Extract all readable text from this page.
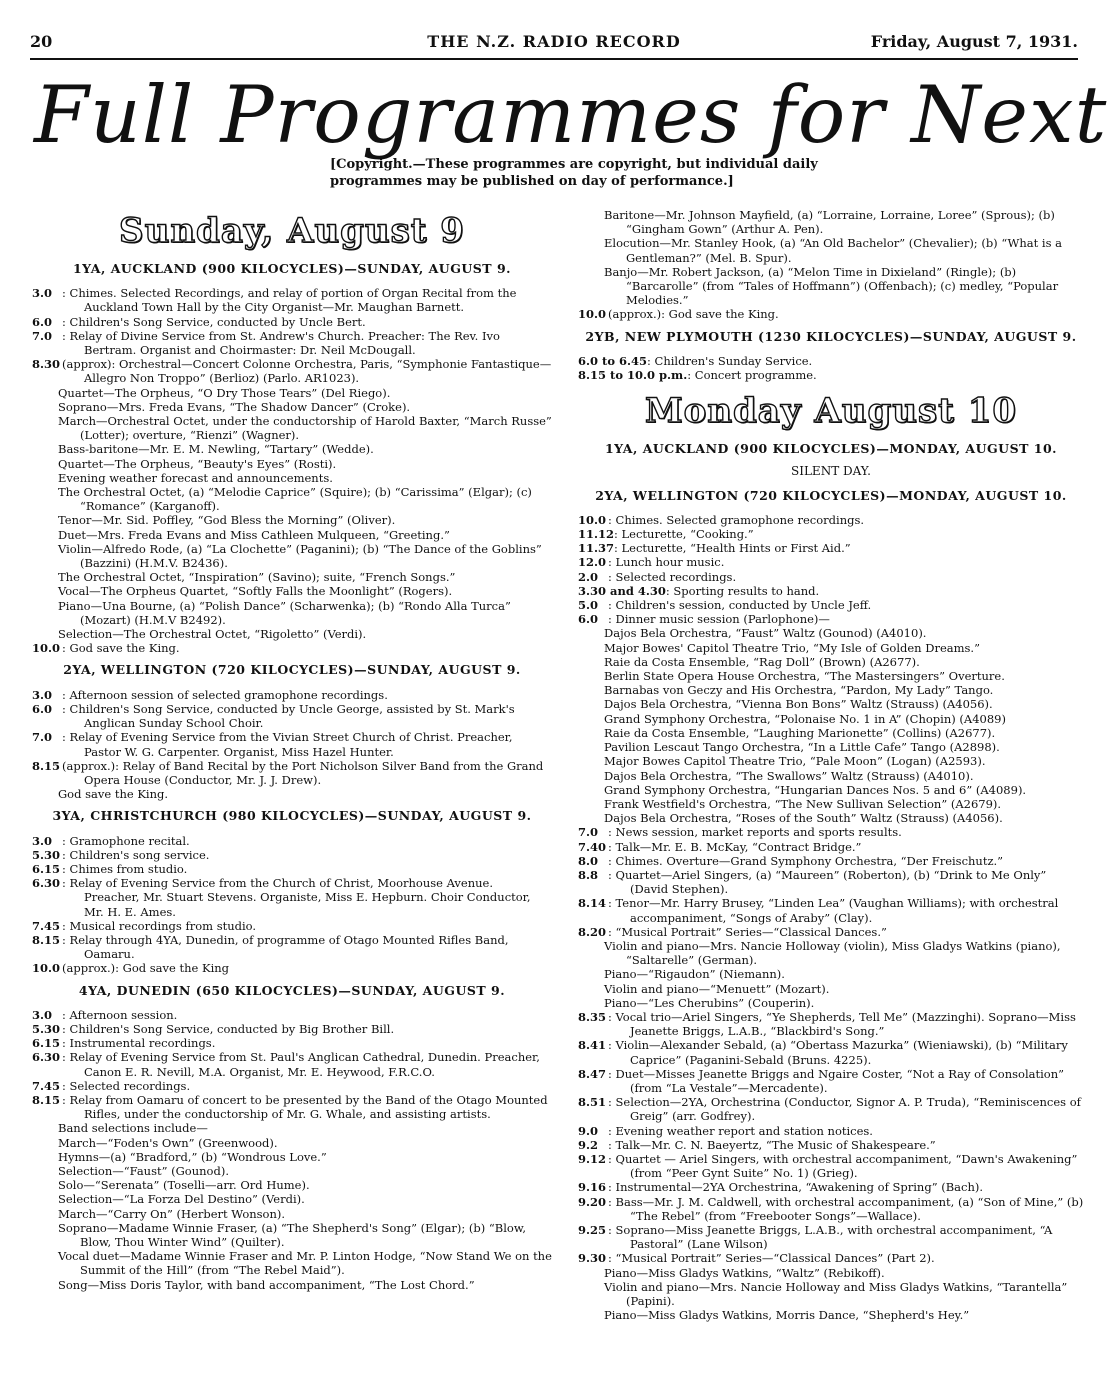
20	THE N.Z. RADIO RECORD	Friday, August 7, 1931.
Full Programmes for Next
[Copyright.—These programmes are copyright, but individual daily programmes may be published on day of performance.]
Sunday, August 9
1YA, AUCKLAND (900 KILOCYCLES)—SUNDAY, AUGUST 9.
3.0 : Chimes. Selected Recordings, and relay of portion of Organ Recital from the Auckland Town Hall by the City Organist—Mr. Maughan Barnett.
6.0 : Children's Song Service, conducted by Uncle Bert.
7.0 : Relay of Divine Service from St. Andrew's Church. Preacher: The Rev. Ivo Bertram. Organist and Choirmaster: Dr. Neil McDougall.
8.30 (approx): Orchestral—Concert Colonne Orchestra, Paris, “Symphonie Fantastique—Allegro Non Troppo” (Berlioz) (Parlo. AR1023).
Quartet—The Orpheus, “O Dry Those Tears” (Del Riego).
Soprano—Mrs. Freda Evans, “The Shadow Dancer” (Croke).
March—Orchestral Octet, under the conductorship of Harold Baxter, “March Russe” (Lotter); overture, “Rienzi” (Wagner).
Bass-baritone—Mr. E. M. Newling, “Tartary” (Wedde).
Quartet—The Orpheus, “Beauty's Eyes” (Rosti).
Evening weather forecast and announcements.
The Orchestral Octet, (a) “Melodie Caprice” (Squire); (b) “Carissima” (Elgar); (c) “Romance” (Karganoff).
Tenor—Mr. Sid. Poffley, “God Bless the Morning” (Oliver).
Duet—Mrs. Freda Evans and Miss Cathleen Mulqueen, “Greeting.”
Violin—Alfredo Rode, (a) “La Clochette” (Paganini); (b) “The Dance of the Goblins” (Bazzini) (H.M.V. B2436).
The Orchestral Octet, “Inspiration” (Savino); suite, “French Songs.”
Vocal—The Orpheus Quartet, “Softly Falls the Moonlight” (Rogers).
Piano—Una Bourne, (a) “Polish Dance” (Scharwenka); (b) “Rondo Alla Turca” (Mozart) (H.M.V B2492).
Selection—The Orchestral Octet, “Rigoletto” (Verdi).
10.0 : God save the King.
2YA, WELLINGTON (720 KILOCYCLES)—SUNDAY, AUGUST 9.
3.0 : Afternoon session of selected gramophone recordings.
6.0 : Children's Song Service, conducted by Uncle George, assisted by St. Mark's Anglican Sunday School Choir.
7.0 : Relay of Evening Service from the Vivian Street Church of Christ. Preacher, Pastor W. G. Carpenter. Organist, Miss Hazel Hunter.
8.15 (approx.): Relay of Band Recital by the Port Nicholson Silver Band from the Grand Opera House (Conductor, Mr. J. J. Drew).
God save the King.
3YA, CHRISTCHURCH (980 KILOCYCLES)—SUNDAY, AUGUST 9.
3.0 : Gramophone recital.
5.30 : Children's song service.
6.15 : Chimes from studio.
6.30 : Relay of Evening Service from the Church of Christ, Moorhouse Avenue. Preacher, Mr. Stuart Stevens. Organiste, Miss E. Hepburn. Choir Conductor, Mr. H. E. Ames.
7.45 : Musical recordings from studio.
8.15 : Relay through 4YA, Dunedin, of programme of Otago Mounted Rifles Band, Oamaru.
10.0 (approx.): God save the King
4YA, DUNEDIN (650 KILOCYCLES)—SUNDAY, AUGUST 9.
3.0 : Afternoon session.
5.30 : Children's Song Service, conducted by Big Brother Bill.
6.15 : Instrumental recordings.
6.30 : Relay of Evening Service from St. Paul's Anglican Cathedral, Dunedin. Preacher, Canon E. R. Nevill, M.A. Organist, Mr. E. Heywood, F.R.C.O.
7.45 : Selected recordings.
8.15 : Relay from Oamaru of concert to be presented by the Band of the Otago Mounted Rifles, under the conductorship of Mr. G. Whale, and assisting artists.
Band selections include—
March—“Foden's Own” (Greenwood).
Hymns—(a) “Bradford,” (b) “Wondrous Love.”
Selection—“Faust” (Gounod).
Solo—“Serenata” (Toselli—arr. Ord Hume).
Selection—“La Forza Del Destino” (Verdi).
March—“Carry On” (Herbert Wonson).
Soprano—Madame Winnie Fraser, (a) “The Shepherd's Song” (Elgar); (b) “Blow, Blow, Thou Winter Wind” (Quilter).
Vocal duet—Madame Winnie Fraser and Mr. P. Linton Hodge, “Now Stand We on the Summit of the Hill” (from “The Rebel Maid”).
Song—Miss Doris Taylor, with band accompaniment, “The Lost Chord.”
Baritone—Mr. Johnson Mayfield, (a) “Lorraine, Lorraine, Loree” (Sprous); (b) “Gingham Gown” (Arthur A. Pen).
Elocution—Mr. Stanley Hook, (a) “An Old Bachelor” (Chevalier); (b) “What is a Gentleman?” (Mel. B. Spur).
Banjo—Mr. Robert Jackson, (a) “Melon Time in Dixieland” (Ringle); (b) “Barcarolle” (from “Tales of Hoffmann”) (Offenbach); (c) medley, “Popular Melodies.”
10.0 (approx.): God save the King.
2YB, NEW PLYMOUTH (1230 KILOCYCLES)—SUNDAY, AUGUST 9.
6.0 to 6.45 : Children's Sunday Service.
8.15 to 10.0 p.m. : Concert programme.
Monday August 10
1YA, AUCKLAND (900 KILOCYCLES)—MONDAY, AUGUST 10.
SILENT DAY.
2YA, WELLINGTON (720 KILOCYCLES)—MONDAY, AUGUST 10.
10.0 : Chimes. Selected gramophone recordings.
11.12 : Lecturette, “Cooking.”
11.37 : Lecturette, “Health Hints or First Aid.”
12.0 : Lunch hour music.
2.0 : Selected recordings.
3.30 and 4.30 : Sporting results to hand.
5.0 : Children's session, conducted by Uncle Jeff.
6.0 : Dinner music session (Parlophone)—
Dajos Bela Orchestra, “Faust” Waltz (Gounod) (A4010).
Major Bowes' Capitol Theatre Trio, “My Isle of Golden Dreams.”
Raie da Costa Ensemble, “Rag Doll” (Brown) (A2677).
Berlin State Opera House Orchestra, “The Mastersingers” Overture.
Barnabas von Geczy and His Orchestra, “Pardon, My Lady” Tango.
Dajos Bela Orchestra, “Vienna Bon Bons” Waltz (Strauss) (A4056).
Grand Symphony Orchestra, “Polonaise No. 1 in A” (Chopin) (A4089)
Raie da Costa Ensemble, “Laughing Marionette” (Collins) (A2677).
Pavilion Lescaut Tango Orchestra, “In a Little Cafe” Tango (A2898).
Major Bowes Capitol Theatre Trio, “Pale Moon” (Logan) (A2593).
Dajos Bela Orchestra, “The Swallows” Waltz (Strauss) (A4010).
Grand Symphony Orchestra, “Hungarian Dances Nos. 5 and 6” (A4089).
Frank Westfield's Orchestra, “The New Sullivan Selection” (A2679).
Dajos Bela Orchestra, “Roses of the South” Waltz (Strauss) (A4056).
7.0 : News session, market reports and sports results.
7.40 : Talk—Mr. E. B. McKay, “Contract Bridge.”
8.0 : Chimes. Overture—Grand Symphony Orchestra, “Der Freischutz.”
8.8 : Quartet—Ariel Singers, (a) “Maureen” (Roberton), (b) “Drink to Me Only” (David Stephen).
8.14 : Tenor—Mr. Harry Brusey, “Linden Lea” (Vaughan Williams); with orchestral accompaniment, “Songs of Araby” (Clay).
8.20 : “Musical Portrait” Series—“Classical Dances.”
Violin and piano—Mrs. Nancie Holloway (violin), Miss Gladys Watkins (piano), “Saltarelle” (German).
Piano—“Rigaudon” (Niemann).
Violin and piano—“Menuett” (Mozart).
Piano—“Les Cherubins” (Couperin).
8.35 : Vocal trio—Ariel Singers, “Ye Shepherds, Tell Me” (Mazzinghi). Soprano—Miss Jeanette Briggs, L.A.B., “Blackbird's Song.”
8.41 : Violin—Alexander Sebald, (a) “Obertass Mazurka” (Wieniawski), (b) “Military Caprice” (Paganini-Sebald (Bruns. 4225).
8.47 : Duet—Misses Jeanette Briggs and Ngaire Coster, “Not a Ray of Consolation” (from “La Vestale”—Mercadente).
8.51 : Selection—2YA, Orchestrina (Conductor, Signor A. P. Truda), “Reminiscences of Greig” (arr. Godfrey).
9.0 : Evening weather report and station notices.
9.2 : Talk—Mr. C. N. Baeyertz, “The Music of Shakespeare.”
9.12 : Quartet — Ariel Singers, with orchestral accompaniment, “Dawn's Awakening” (from “Peer Gynt Suite” No. 1) (Grieg).
9.16 : Instrumental—2YA Orchestrina, “Awakening of Spring” (Bach).
9.20 : Bass—Mr. J. M. Caldwell, with orchestral accompaniment, (a) “Son of Mine,” (b) “The Rebel” (from “Freebooter Songs”—Wallace).
9.25 : Soprano—Miss Jeanette Briggs, L.A.B., with orchestral accompaniment, “A Pastoral” (Lane Wilson)
9.30 : “Musical Portrait” Series—“Classical Dances” (Part 2).
Piano—Miss Gladys Watkins, “Waltz” (Rebikoff).
Violin and piano—Mrs. Nancie Holloway and Miss Gladys Watkins, “Tarantella” (Papini).
Piano—Miss Gladys Watkins, Morris Dance, “Shepherd's Hey.”
